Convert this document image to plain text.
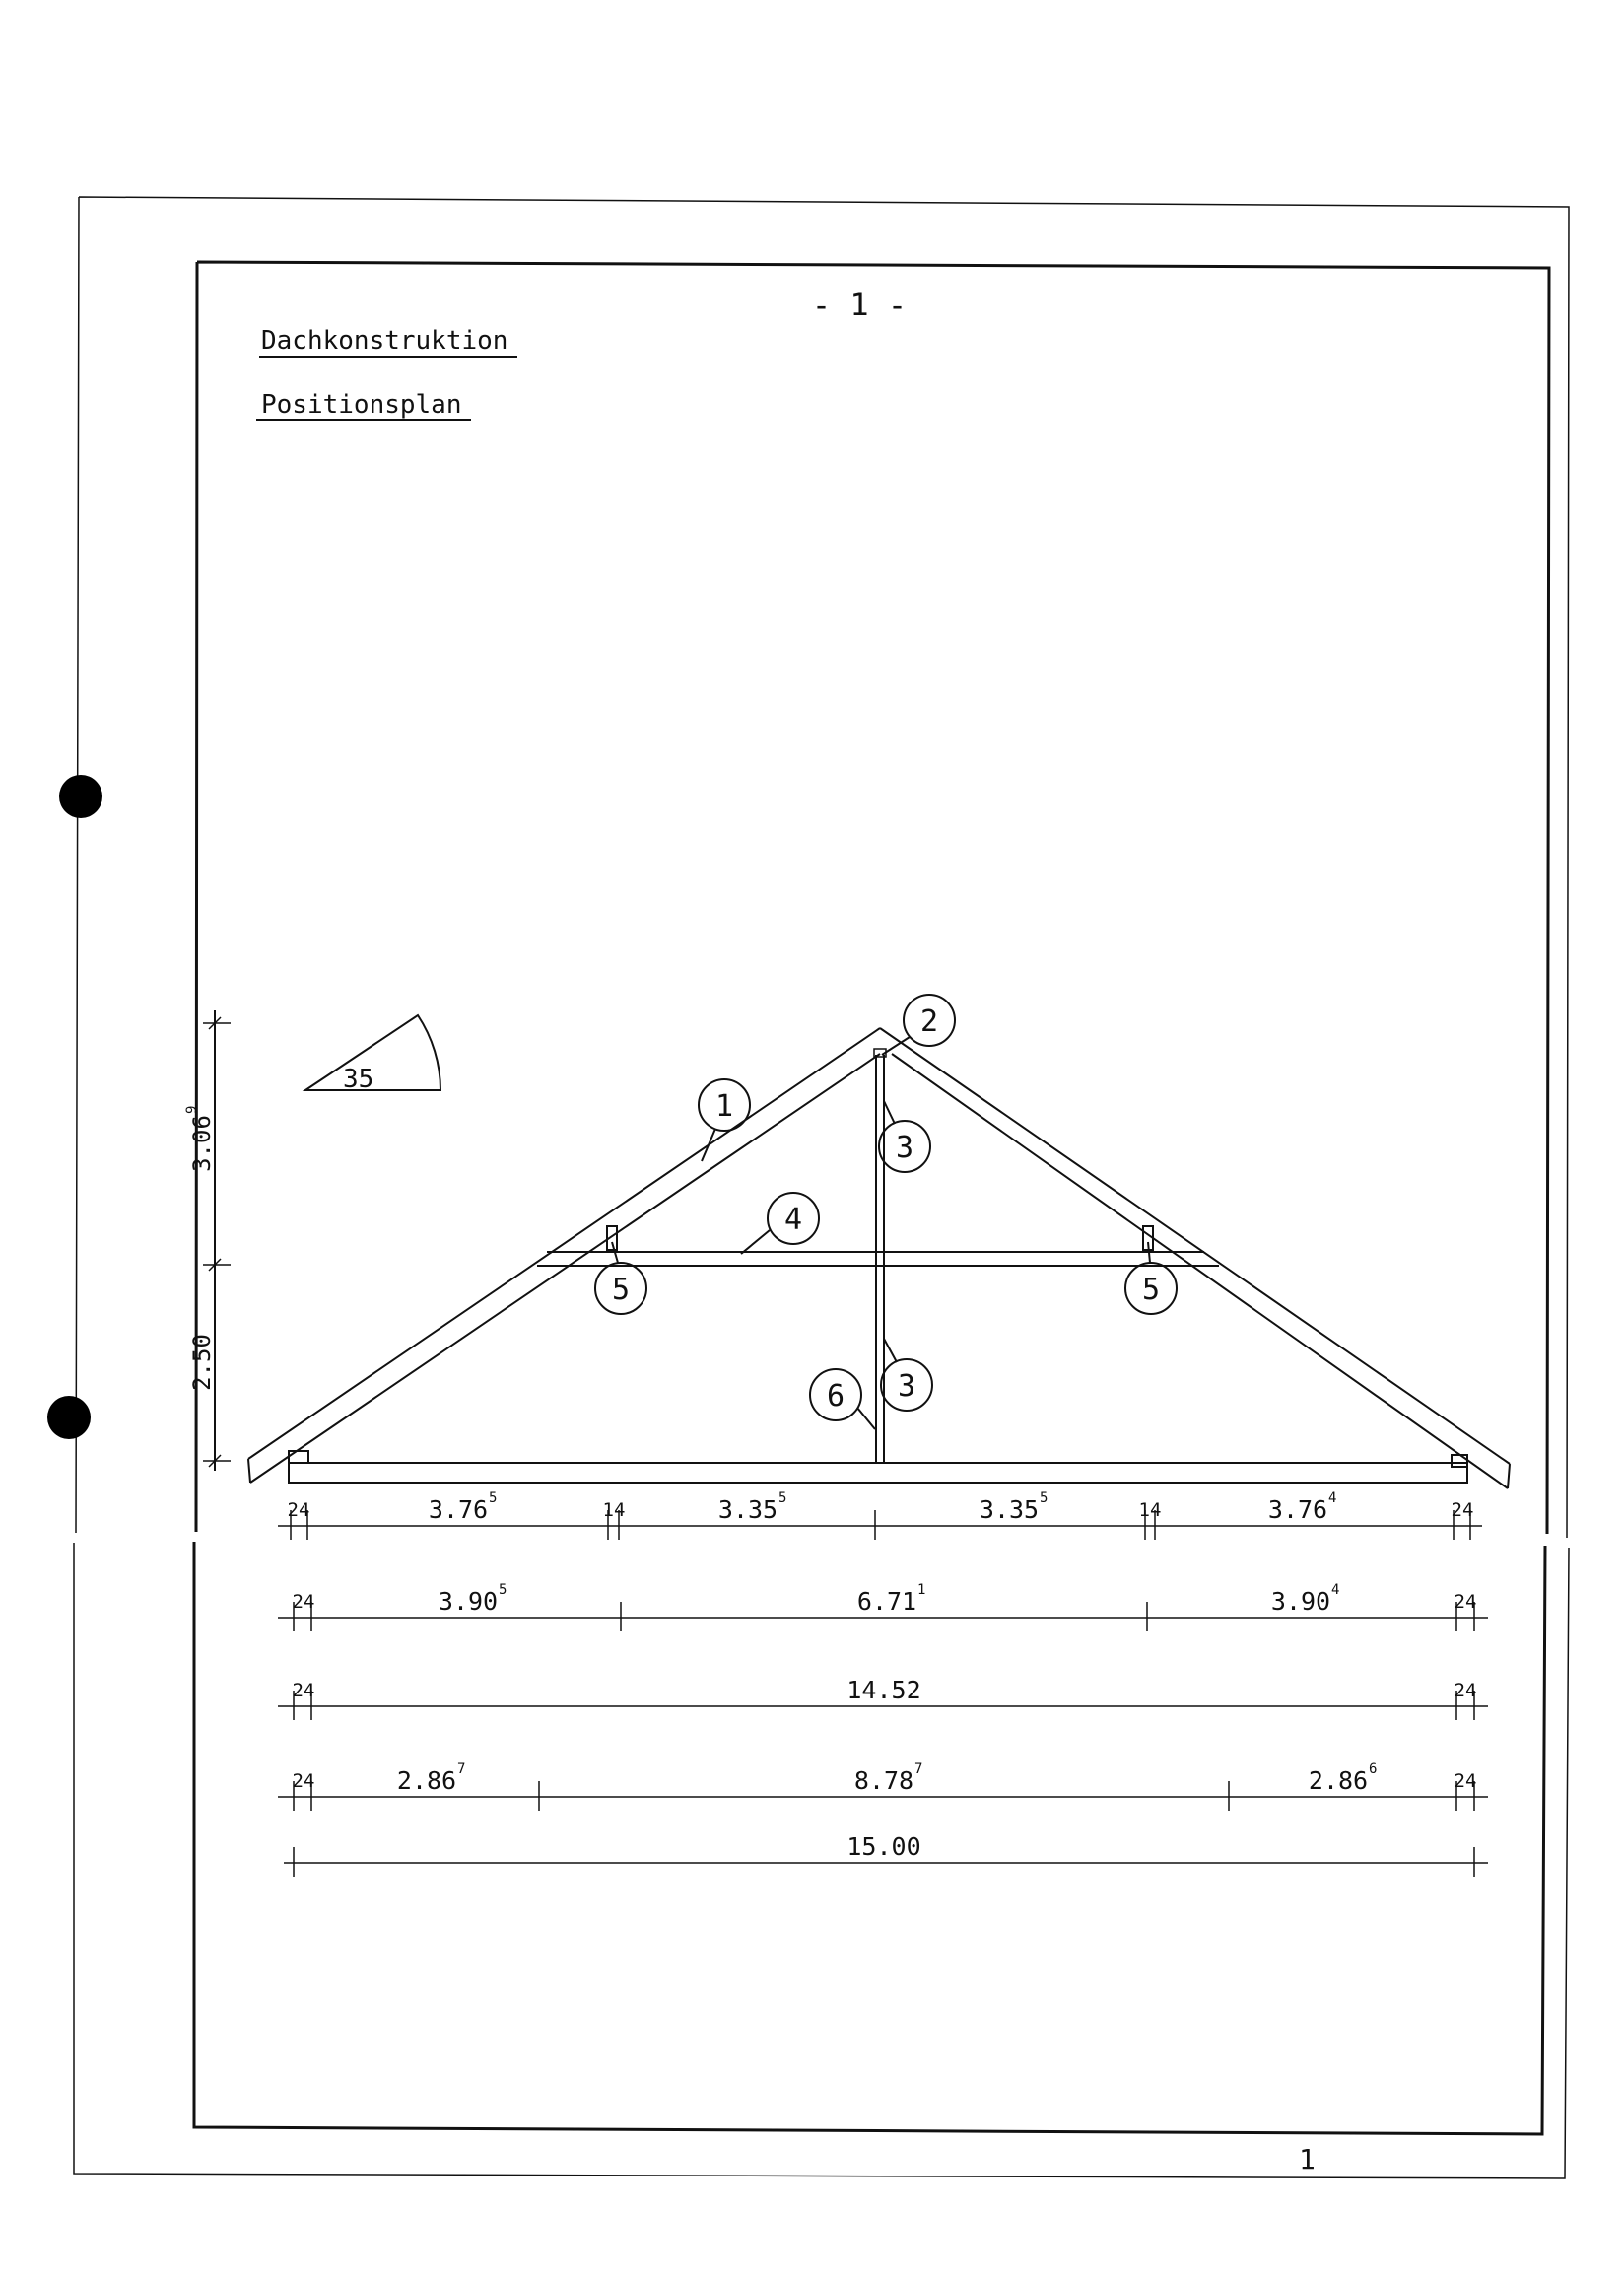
- 1 -
Dachkonstruktion
Positionsplan
1
35
1
2
3
3
4
5	5
6
3.06
9
2.50
24	3.76 5
14	3.35 5	3.35 5
14	3.76 4
24
24	3.90 5	6.71 1	3.90 4
24
24	14.52	24
24	2.86 7	8.78 7	2.86 6
24
15.00
